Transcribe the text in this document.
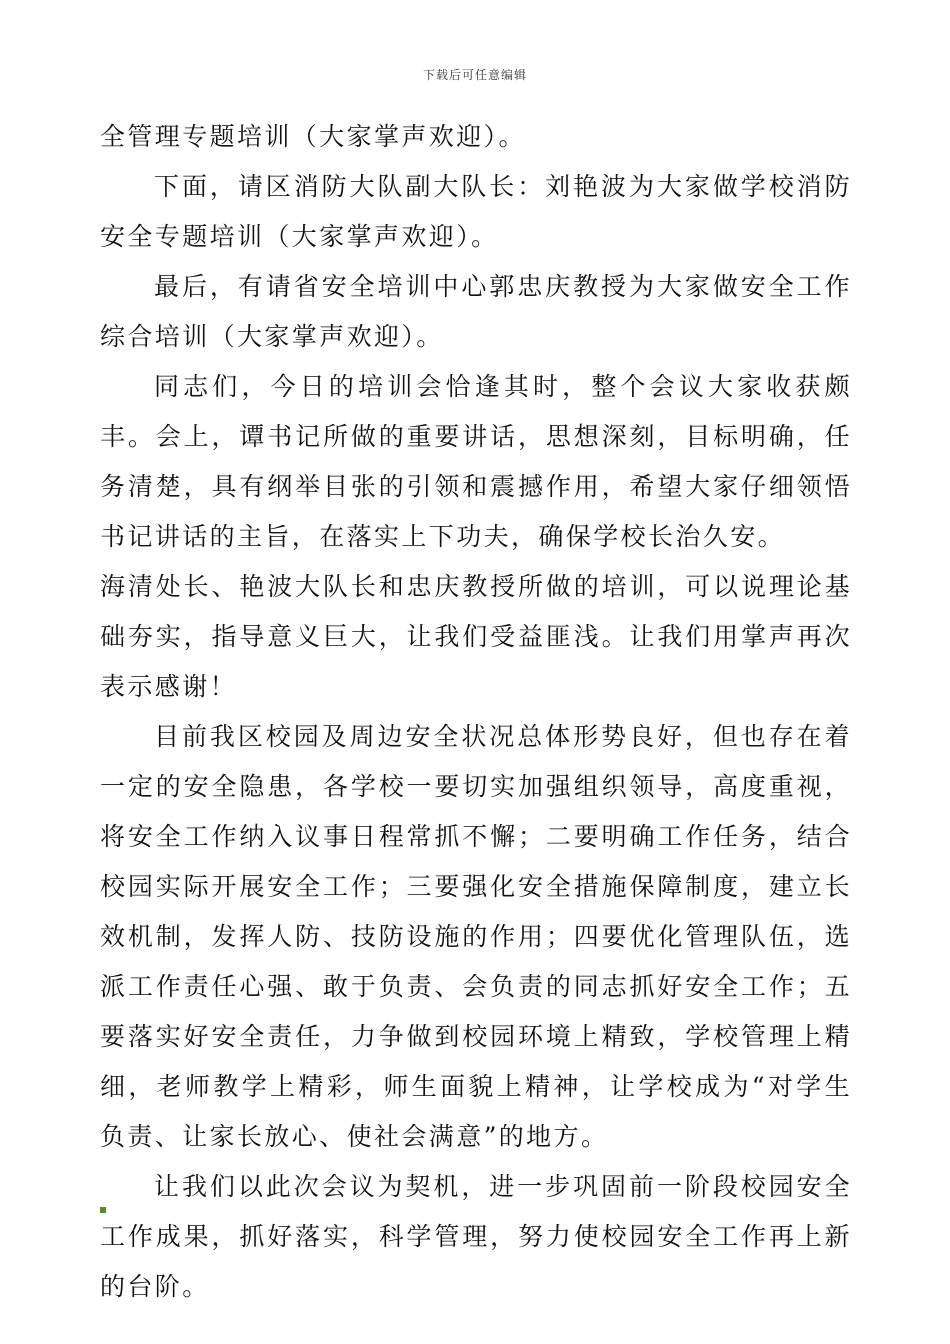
下载后可任意编辑

全管理专题培训（大家掌声欢迎）。

下面，请区消防大队副大队长：刘艳波为大家做学校消防安全专题培训（大家掌声欢迎）。

最后，有请省安全培训中心郭忠庆教授为大家做安全工作综合培训（大家掌声欢迎）。

同志们，今日的培训会恰逢其时，整个会议大家收获颇丰。会上，谭书记所做的重要讲话，思想深刻，目标明确，任务清楚，具有纲举目张的引领和震撼作用，希望大家仔细领悟书记讲话的主旨，在落实上下功夫，确保学校长治久安。

海清处长、艳波大队长和忠庆教授所做的培训，可以说理论基础夯实，指导意义巨大，让我们受益匪浅。让我们用掌声再次表示感谢！

目前我区校园及周边安全状况总体形势良好，但也存在着一定的安全隐患，各学校一要切实加强组织领导，高度重视，将安全工作纳入议事日程常抓不懈；二要明确工作任务，结合校园实际开展安全工作；三要强化安全措施保障制度，建立长效机制，发挥人防、技防设施的作用；四要优化管理队伍，选派工作责任心强、敢于负责、会负责的同志抓好安全工作；五要落实好安全责任，力争做到校园环境上精致，学校管理上精细，老师教学上精彩，师生面貌上精神，让学校成为“对学生负责、让家长放心、使社会满意”的地方。

让我们以此次会议为契机，进一步巩固前一阶段校园安全工作成果，抓好落实，科学管理，努力使校园安全工作再上新的台阶。
